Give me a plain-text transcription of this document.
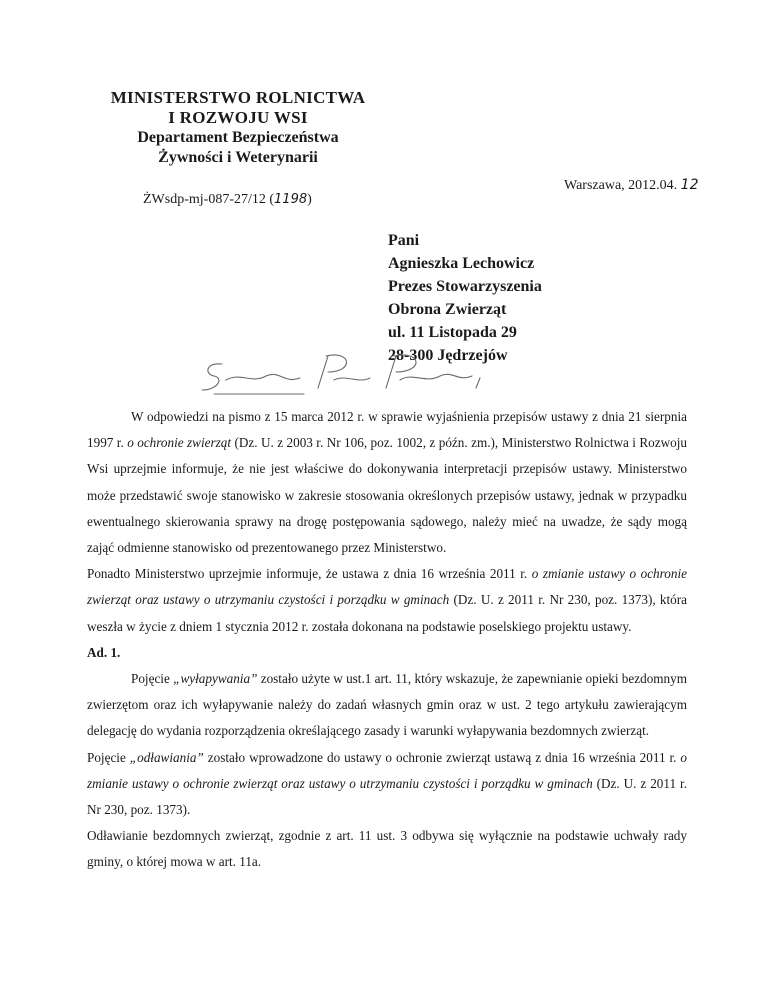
MINISTERSTWO ROLNICTWA
I ROZWOJU WSI
Departament Bezpieczeństwa
Żywności i Weterynarii
ŻWsdp-mj-087-27/12 (1198)
Warszawa, 2012.04. 12
Pani
Agnieszka Lechowicz
Prezes Stowarzyszenia
Obrona Zwierząt
ul. 11 Listopada 29
28-300 Jędrzejów

W odpowiedzi na pismo z 15 marca 2012 r. w sprawie wyjaśnienia przepisów ustawy z dnia 21 sierpnia 1997 r. o ochronie zwierząt (Dz. U. z 2003 r. Nr 106, poz. 1002, z późn. zm.), Ministerstwo Rolnictwa i Rozwoju Wsi uprzejmie informuje, że nie jest właściwe do dokonywania interpretacji przepisów ustawy. Ministerstwo może przedstawić swoje stanowisko w zakresie stosowania określonych przepisów ustawy, jednak w przypadku ewentualnego skierowania sprawy na drogę postępowania sądowego, należy mieć na uwadze, że sądy mogą zająć odmienne stanowisko od prezentowanego przez Ministerstwo.

Ponadto Ministerstwo uprzejmie informuje, że ustawa z dnia 16 września 2011 r. o zmianie ustawy o ochronie zwierząt oraz ustawy o utrzymaniu czystości i porządku w gminach (Dz. U. z 2011 r. Nr 230, poz. 1373), która weszła w życie z dniem 1 stycznia 2012 r. została dokonana na podstawie poselskiego projektu ustawy.

Ad. 1.

Pojęcie „wyłapywania” zostało użyte w ust.1 art. 11, który wskazuje, że zapewnianie opieki bezdomnym zwierzętom oraz ich wyłapywanie należy do zadań własnych gmin oraz w ust. 2 tego artykułu zawierającym delegację do wydania rozporządzenia określającego zasady i warunki wyłapywania bezdomnych zwierząt.

Pojęcie „odławiania” zostało wprowadzone do ustawy o ochronie zwierząt ustawą z dnia 16 września 2011 r. o zmianie ustawy o ochronie zwierząt oraz ustawy o utrzymaniu czystości i porządku w gminach (Dz. U. z 2011 r. Nr 230, poz. 1373).

Odławianie bezdomnych zwierząt, zgodnie z art. 11 ust. 3 odbywa się wyłącznie na podstawie uchwały rady gminy, o której mowa w art. 11a.
